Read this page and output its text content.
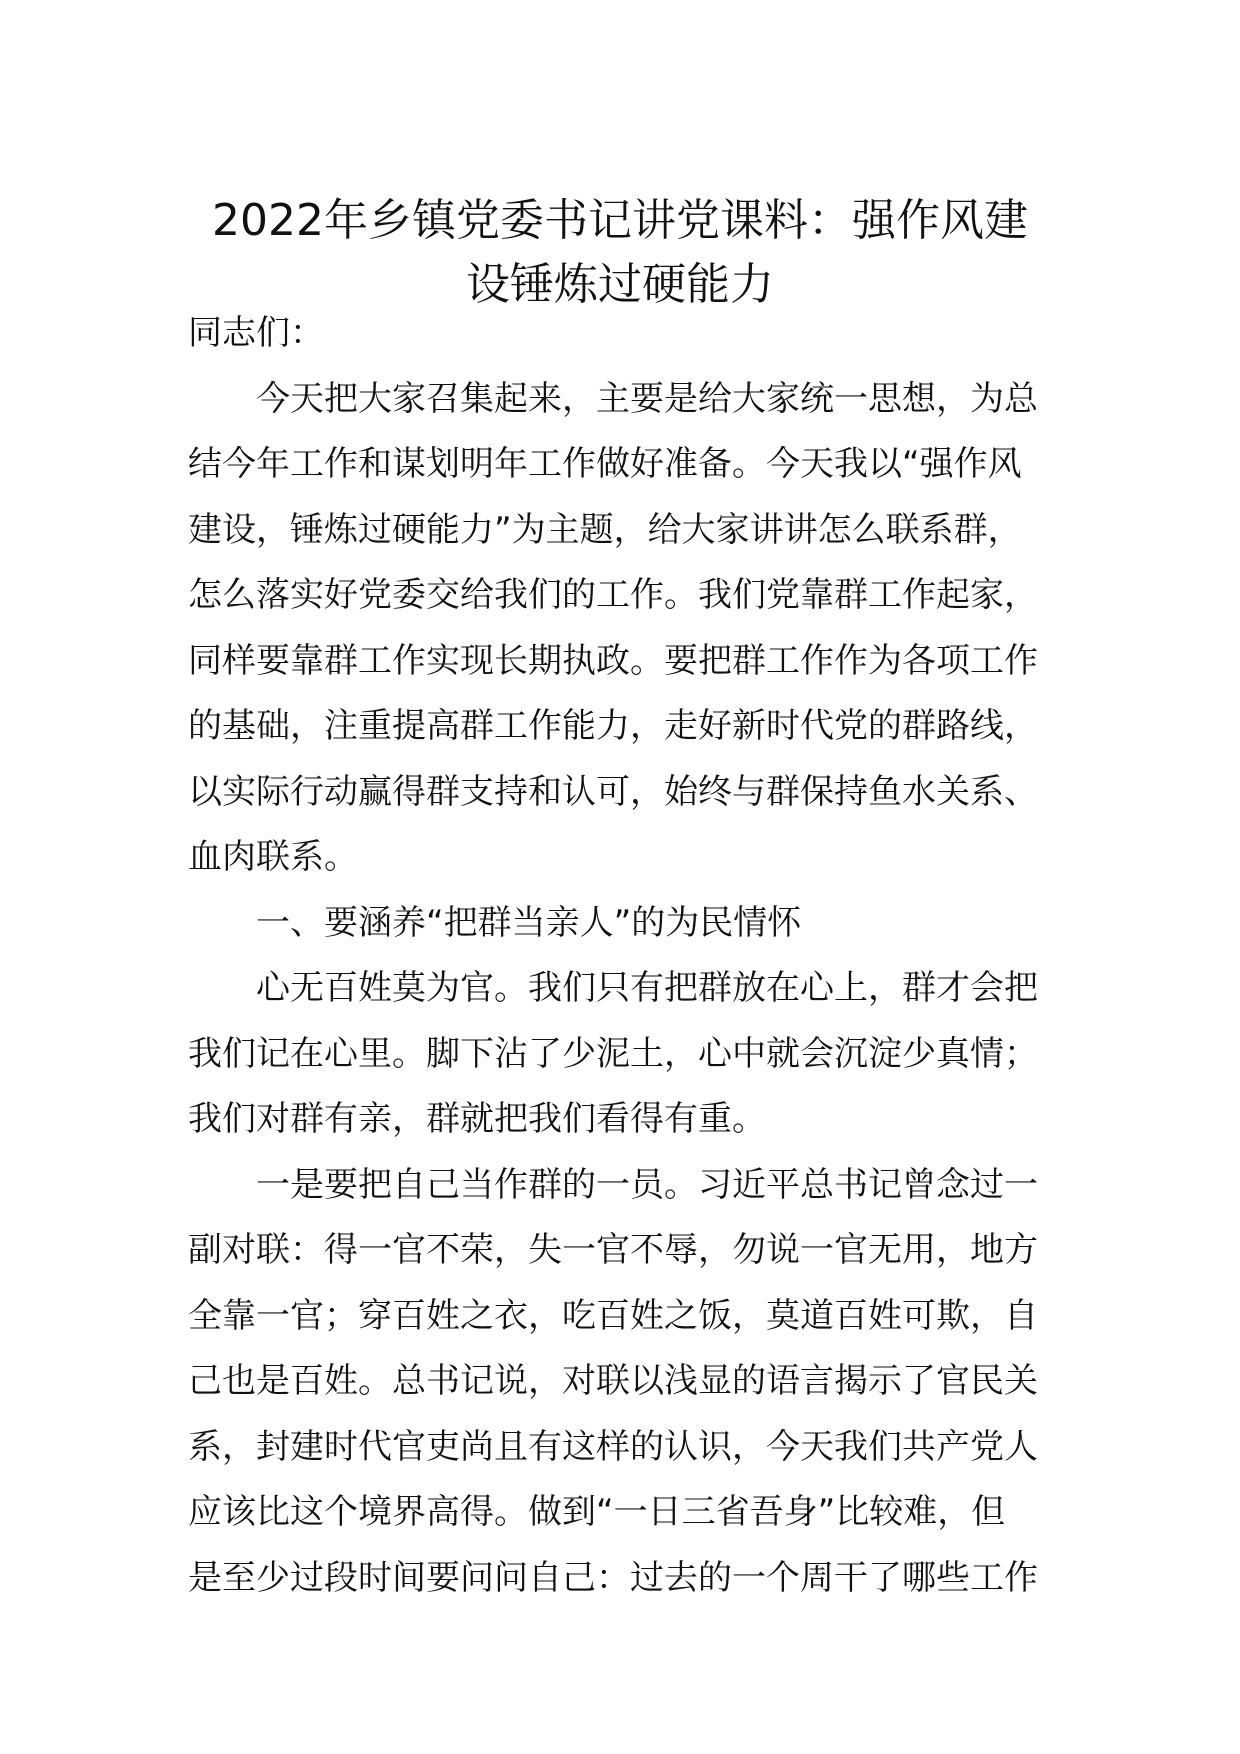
2022年乡镇党委书记讲党课料：强作风建
设锤炼过硬能力
同志们：
今天把大家召集起来，主要是给大家统一思想，为总
结今年工作和谋划明年工作做好准备。今天我以“强作风
建设，锤炼过硬能力”为主题，给大家讲讲怎么联系群，
怎么落实好党委交给我们的工作。我们党靠群工作起家，
同样要靠群工作实现长期执政。要把群工作作为各项工作
的基础，注重提高群工作能力，走好新时代党的群路线，
以实际行动赢得群支持和认可，始终与群保持鱼水关系、
血肉联系。
一、要涵养“把群当亲人”的为民情怀
心无百姓莫为官。我们只有把群放在心上，群才会把
我们记在心里。脚下沾了少泥土，心中就会沉淀少真情；
我们对群有亲，群就把我们看得有重。
一是要把自己当作群的一员。习近平总书记曾念过一
副对联：得一官不荣，失一官不辱，勿说一官无用，地方
全靠一官；穿百姓之衣，吃百姓之饭，莫道百姓可欺，自
己也是百姓。总书记说，对联以浅显的语言揭示了官民关
系，封建时代官吏尚且有这样的认识，今天我们共产党人
应该比这个境界高得。做到“一日三省吾身”比较难，但
是至少过段时间要问问自己：过去的一个周干了哪些工作
